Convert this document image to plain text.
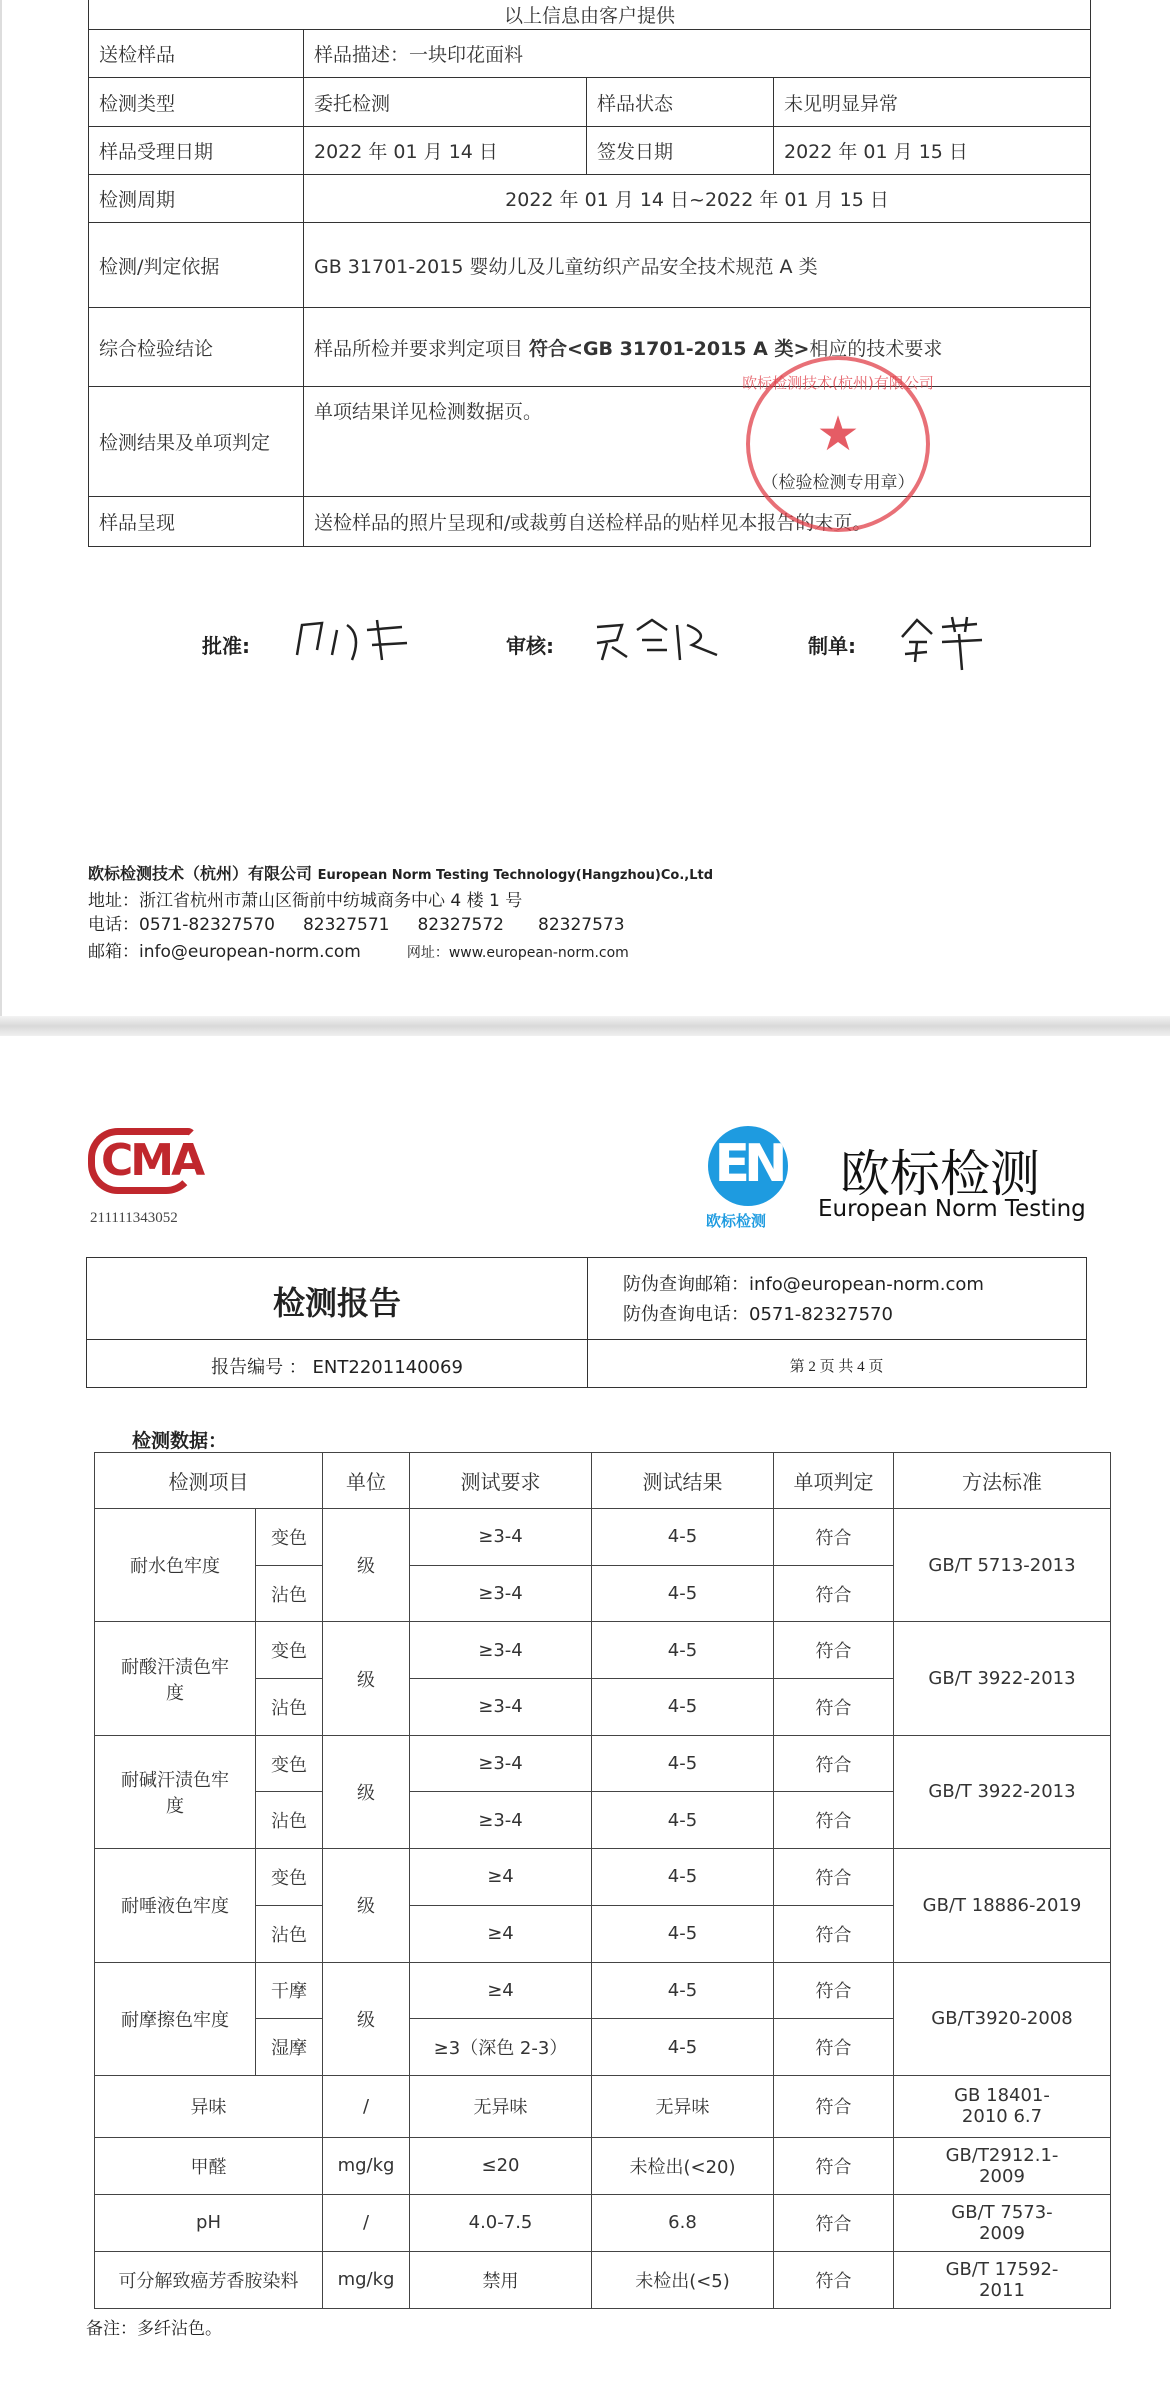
以上信息由客户提供			
送检样品	样品描述：一块印花面料		
检测类型	委托检测	样品状态	未见明显异常
样品受理日期	2022 年 01 月 14 日	签发日期	2022 年 01 月 15 日
检测周期	2022 年 01 月 14 日~2022 年 01 月 15 日		
检测/判定依据	GB 31701-2015 婴幼儿及儿童纺织产品安全技术规范 A 类		
综合检验结论	样品所检并要求判定项目 符合<GB 31701-2015 A 类>相应的技术要求		
检测结果及单项判定	单项结果详见检测数据页。		
样品呈现	送检样品的照片呈现和/或裁剪自送检样品的贴样见本报告的末页。		
欧标检测技术(杭州)有限公司
★
（检验检测专用章）
批准:	审核:	制单:
欧标检测技术（杭州）有限公司 European Norm Testing Technology(Hangzhou)Co.,Ltd
地址：浙江省杭州市萧山区衙前中纺城商务中心 4 楼 1 号
电话：0571-82327570 82327571 82327572 82327573
邮箱：info@european-norm.com	网址：www.european-norm.com
CMA
211111343052
EN
欧标检测
欧标检测
European Norm Testing
检测报告	防伪查询邮箱：info@european-norm.com
防伪查询电话：0571-82327570
报告编号 ： ENT2201140069	第 2 页 共 4 页
检测数据：
检测项目		单位	测试要求	测试结果	单项判定	方法标准
耐水色牢度	变色	级	≥3-4	4-5	符合	GB/T 5713-2013
	沾色		≥3-4	4-5	符合	
耐酸汗渍色牢度	变色	级	≥3-4	4-5	符合	GB/T 3922-2013
	沾色		≥3-4	4-5	符合	
耐碱汗渍色牢度	变色	级	≥3-4	4-5	符合	GB/T 3922-2013
	沾色		≥3-4	4-5	符合	
耐唾液色牢度	变色	级	≥4	4-5	符合	GB/T 18886-2019
	沾色		≥4	4-5	符合	
耐摩擦色牢度	干摩	级	≥4	4-5	符合	GB/T3920-2008
	湿摩		≥3（深色 2-3）	4-5	符合	
异味		/	无异味	无异味	符合	GB 18401-2010 6.7
甲醛		mg/kg	≤20	未检出(<20)	符合	GB/T2912.1-2009
pH		/	4.0-7.5	6.8	符合	GB/T 7573-2009
可分解致癌芳香胺染料		mg/kg	禁用	未检出(<5)	符合	GB/T 17592-2011
备注：多纤沾色。
